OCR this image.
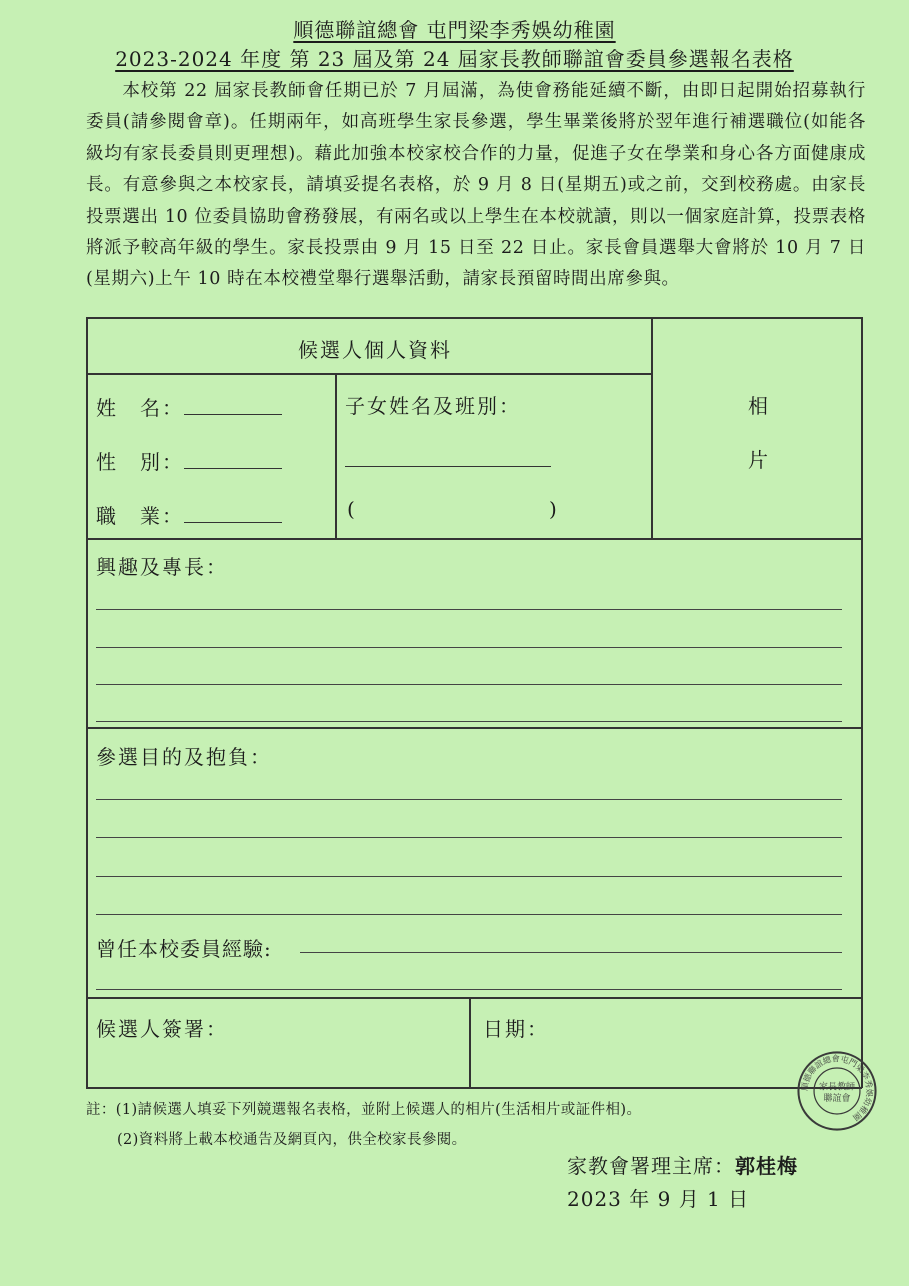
順德聯誼總會 屯門梁李秀娛幼稚園
2023-2024 年度 第 23 屆及第 24 屆家長教師聯誼會委員參選報名表格
本校第 22 屆家長教師會任期已於 7 月屆滿，為使會務能延續不斷，由即日起開始招募執行委員(請參閱會章)。任期兩年，如高班學生家長參選，學生畢業後將於翌年進行補選職位(如能各級均有家長委員則更理想)。藉此加強本校家校合作的力量，促進子女在學業和身心各方面健康成長。有意參與之本校家長，請填妥提名表格，於 9 月 8 日(星期五)或之前，交到校務處。由家長投票選出 10 位委員協助會務發展，有兩名或以上學生在本校就讀，則以一個家庭計算，投票表格將派予較高年級的學生。家長投票由 9 月 15 日至 22 日止。家長會員選舉大會將於 10 月 7 日(星期六)上午 10 時在本校禮堂舉行選舉活動，請家長預留時間出席參與。
候選人個人資料
姓　名：
性　別：
職　業：
子女姓名及班別：
(	)
相
片
興趣及專長：
參選目的及抱負：
曾任本校委員經驗:
候選人簽署：	日期：
註：(1)請候選人填妥下列競選報名表格，並附上候選人的相片(生活相片或証件相)。
(2)資料將上載本校通告及網頁內，供全校家長參閱。
家教會署理主席：郭桂梅
2023 年 9 月 1 日
順德聯誼總會屯門梁李秀娛幼稚園
家長教師
聯誼會
